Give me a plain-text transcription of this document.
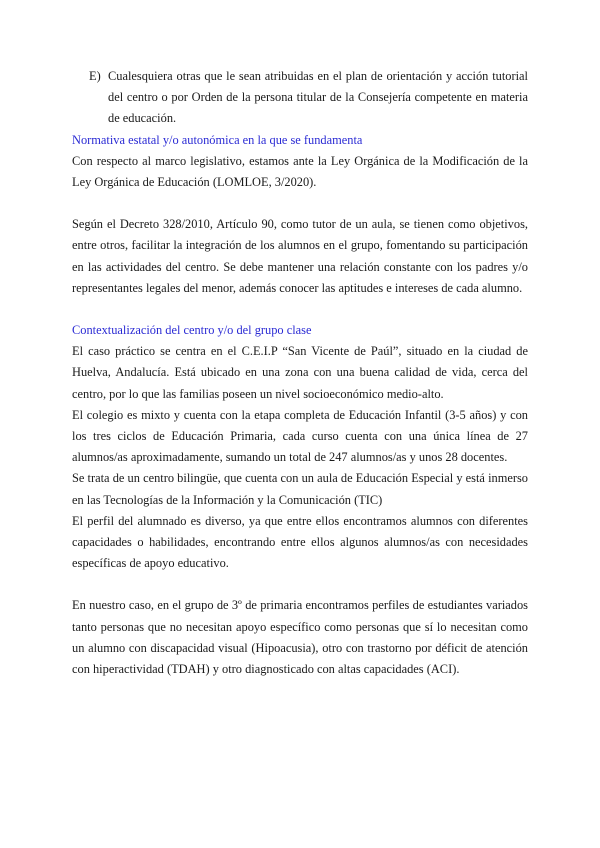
E) Cualesquiera otras que le sean atribuidas en el plan de orientación y acción tutorial del centro o por Orden de la persona titular de la Consejería competente en materia de educación.
Normativa estatal y/o autonómica en la que se fundamenta

Con respecto al marco legislativo, estamos ante la Ley Orgánica de la Modificación de la Ley Orgánica de Educación (LOMLOE, 3/2020).

Según el Decreto 328/2010, Artículo 90, como tutor de un aula, se tienen como objetivos, entre otros, facilitar la integración de los alumnos en el grupo, fomentando su participación en las actividades del centro. Se debe mantener una relación constante con los padres y/o representantes legales del menor, además conocer las aptitudes e intereses de cada alumno.

Contextualización del centro y/o del grupo clase

El caso práctico se centra en el C.E.I.P “San Vicente de Paúl”, situado en la ciudad de Huelva, Andalucía. Está ubicado en una zona con una buena calidad de vida, cerca del centro, por lo que las familias poseen un nivel socioeconómico medio-alto.

El colegio es mixto y cuenta con la etapa completa de Educación Infantil (3-5 años) y con los tres ciclos de Educación Primaria, cada curso cuenta con una única línea de 27 alumnos/as aproximadamente, sumando un total de 247 alumnos/as y unos 28 docentes.

Se trata de un centro bilingüe, que cuenta con un aula de Educación Especial y está inmerso en las Tecnologías de la Información y la Comunicación (TIC)

El perfil del alumnado es diverso, ya que entre ellos encontramos alumnos con diferentes capacidades o habilidades, encontrando entre ellos algunos alumnos/as con necesidades específicas de apoyo educativo.

En nuestro caso, en el grupo de 3º de primaria encontramos perfiles de estudiantes variados tanto personas que no necesitan apoyo específico como personas que sí lo necesitan como un alumno con discapacidad visual (Hipoacusia), otro con trastorno por déficit de atención con hiperactividad (TDAH) y otro diagnosticado con altas capacidades (ACI).
